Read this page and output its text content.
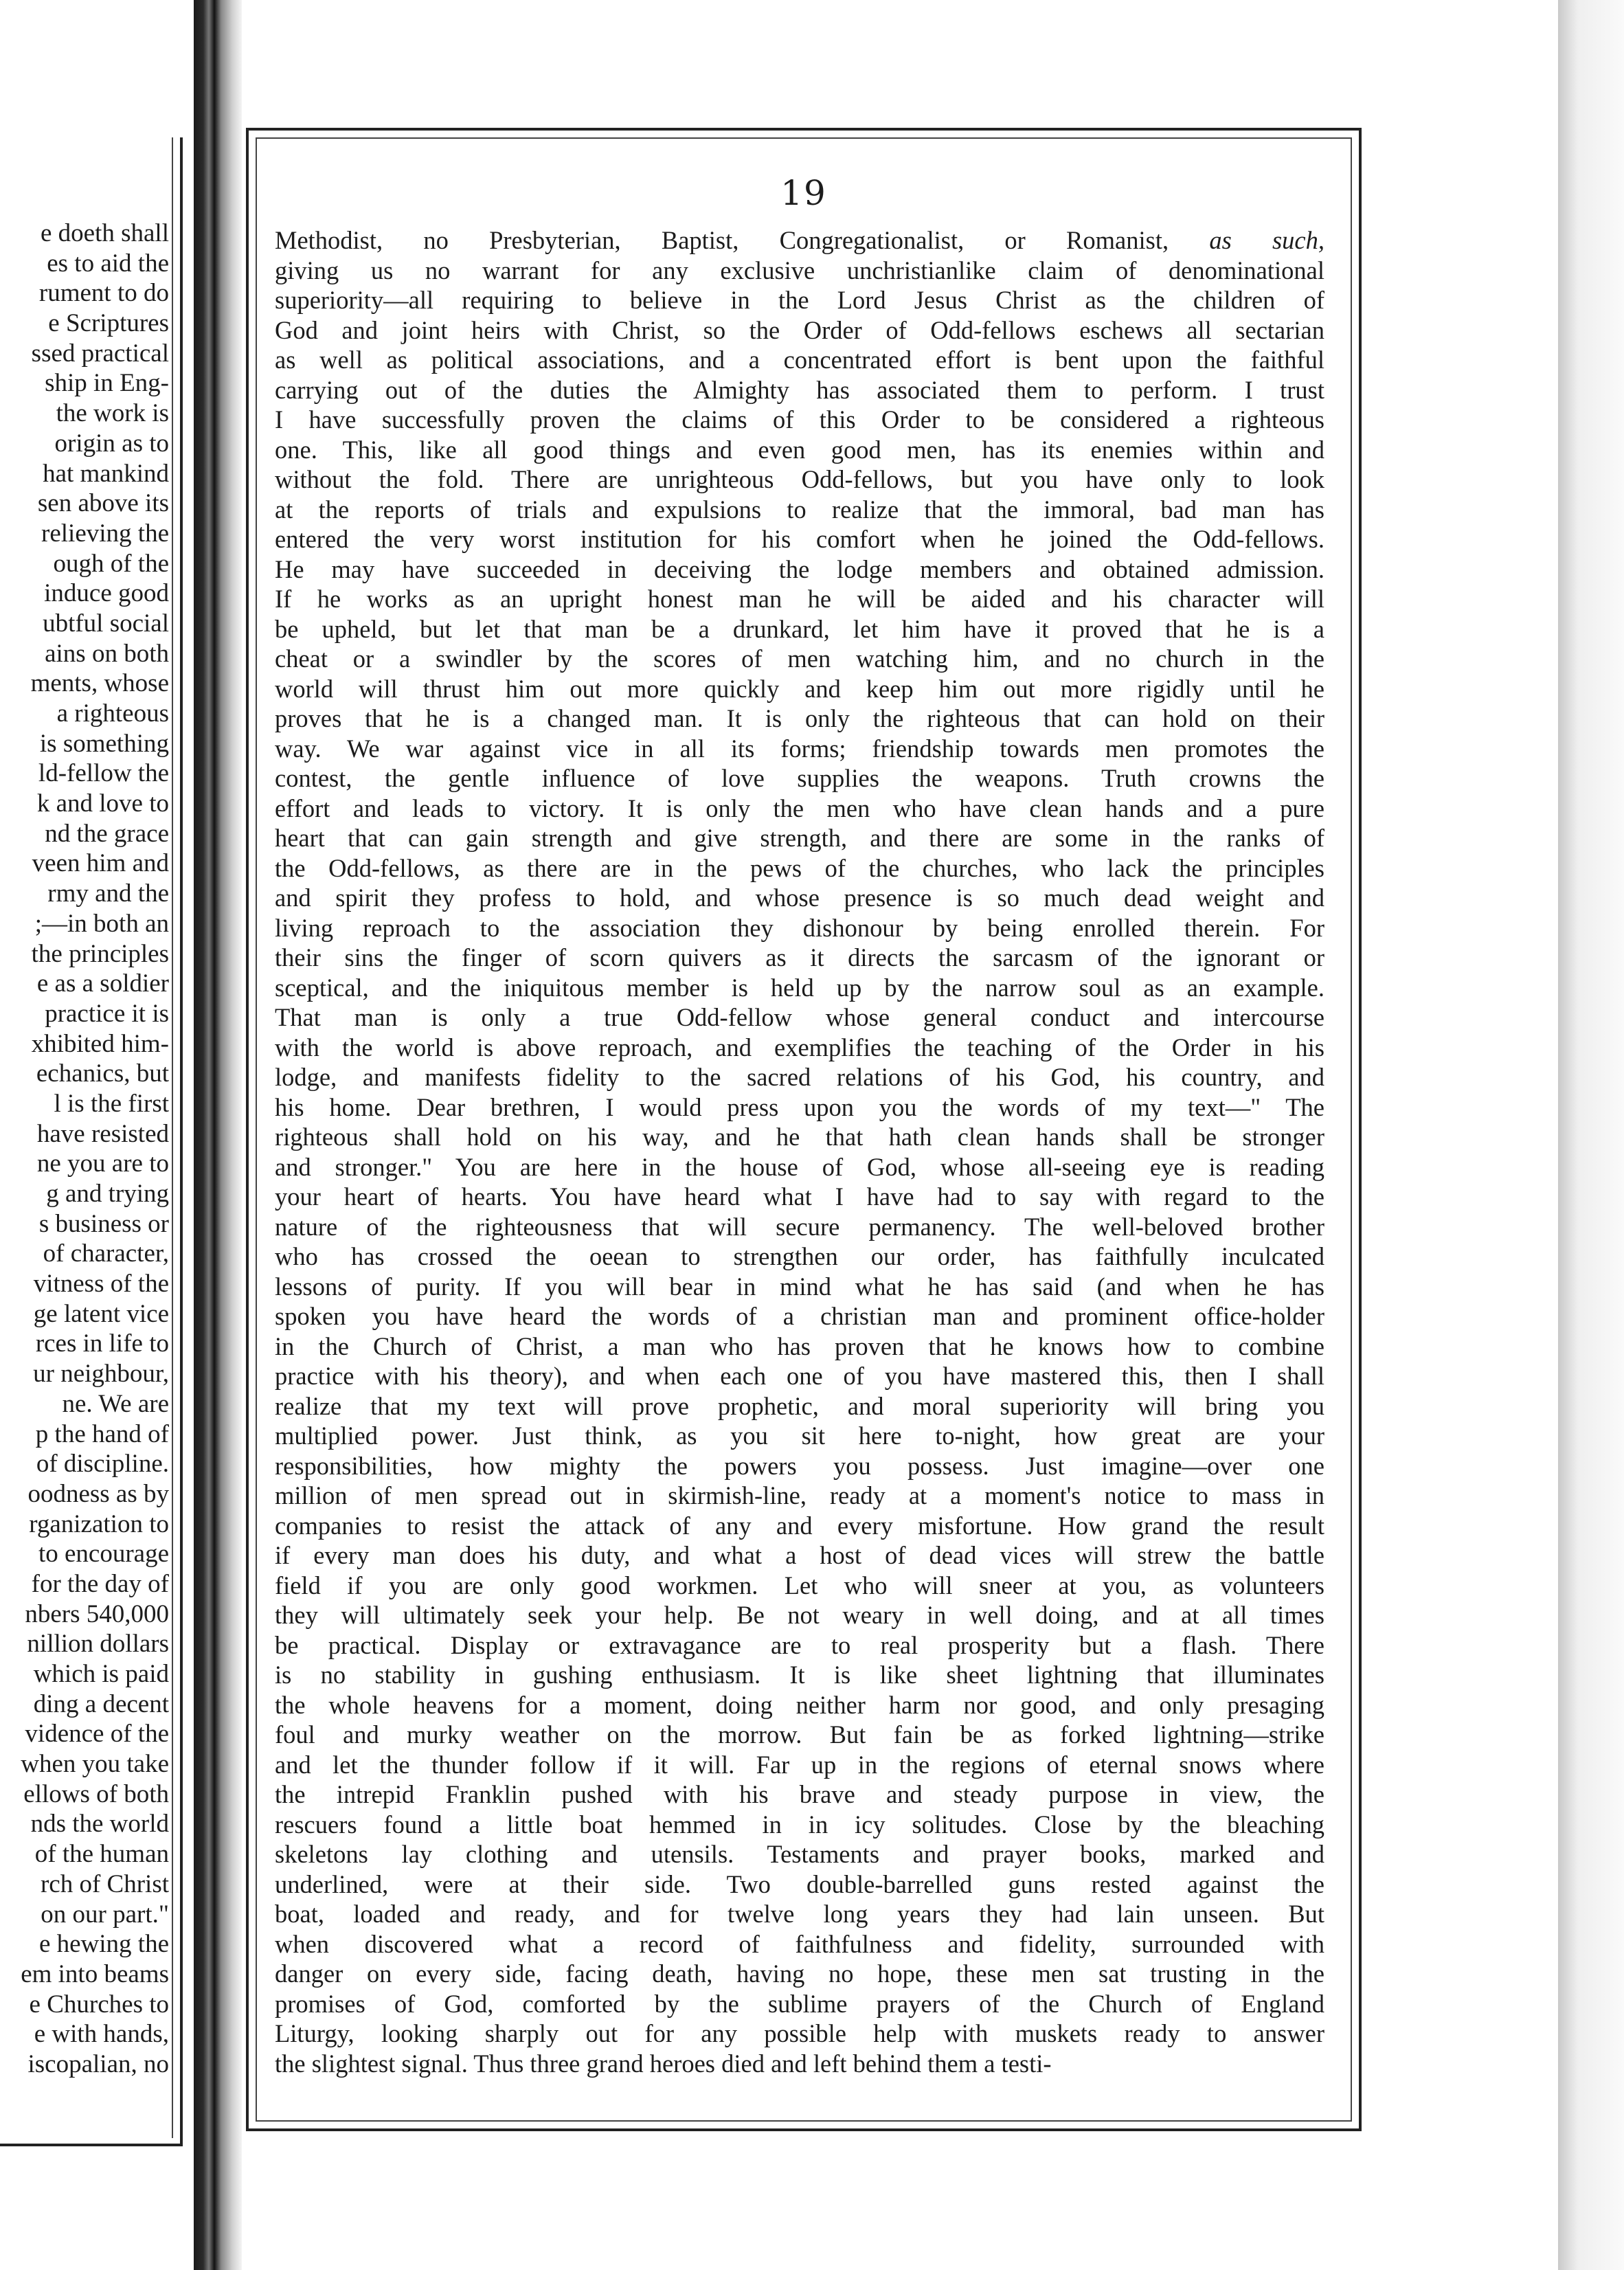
e doeth shall
es to aid the
rument to do
e Scriptures
ssed practical
ship in Eng-
the work is
origin as to
hat mankind
sen above its
relieving the
ough of the
induce good
ubtful social
ains on both
ments, whose
a righteous
is something
ld-fellow the
k and love to
nd the grace
veen him and
rmy and the
;—in both an
the principles
e as a soldier
practice it is
xhibited him-
echanics, but
l is the first
have resisted
ne you are to
g and trying
s business or
of character,
vitness of the
ge latent vice
rces in life to
ur neighbour,
ne. We are
p the hand of
of discipline.
oodness as by
rganization to
to encourage
for the day of
nbers 540,000
nillion dollars
which is paid
ding a decent
vidence of the
when you take
ellows of both
nds the world
of the human
rch of Christ
on our part."
e hewing the
em into beams
e Churches to
e with hands,
iscopalian, no
19
Methodist, no Presbyterian, Baptist, Congregationalist, or Romanist, as such,
giving us no warrant for any exclusive unchristianlike claim of denominational
superiority—all requiring to believe in the Lord Jesus Christ as the children of
God and joint heirs with Christ, so the Order of Odd-fellows eschews all sectarian
as well as political associations, and a concentrated effort is bent upon the faithful
carrying out of the duties the Almighty has associated them to perform. I trust
I have successfully proven the claims of this Order to be considered a righteous
one. This, like all good things and even good men, has its enemies within and
without the fold. There are unrighteous Odd-fellows, but you have only to look
at the reports of trials and expulsions to realize that the immoral, bad man has
entered the very worst institution for his comfort when he joined the Odd-fellows.
He may have succeeded in deceiving the lodge members and obtained admission.
If he works as an upright honest man he will be aided and his character will
be upheld, but let that man be a drunkard, let him have it proved that he is a
cheat or a swindler by the scores of men watching him, and no church in the
world will thrust him out more quickly and keep him out more rigidly until he
proves that he is a changed man. It is only the righteous that can hold on their
way. We war against vice in all its forms; friendship towards men promotes the
contest, the gentle influence of love supplies the weapons. Truth crowns the
effort and leads to victory. It is only the men who have clean hands and a pure
heart that can gain strength and give strength, and there are some in the ranks of
the Odd-fellows, as there are in the pews of the churches, who lack the principles
and spirit they profess to hold, and whose presence is so much dead weight and
living reproach to the association they dishonour by being enrolled therein. For
their sins the finger of scorn quivers as it directs the sarcasm of the ignorant or
sceptical, and the iniquitous member is held up by the narrow soul as an example.
That man is only a true Odd-fellow whose general conduct and intercourse
with the world is above reproach, and exemplifies the teaching of the Order in his
lodge, and manifests fidelity to the sacred relations of his God, his country, and
his home. Dear brethren, I would press upon you the words of my text—" The
righteous shall hold on his way, and he that hath clean hands shall be stronger
and stronger." You are here in the house of God, whose all-seeing eye is reading
your heart of hearts. You have heard what I have had to say with regard to the
nature of the righteousness that will secure permanency. The well-beloved brother
who has crossed the oeean to strengthen our order, has faithfully inculcated
lessons of purity. If you will bear in mind what he has said (and when he has
spoken you have heard the words of a christian man and prominent office-holder
in the Church of Christ, a man who has proven that he knows how to combine
practice with his theory), and when each one of you have mastered this, then I shall
realize that my text will prove prophetic, and moral superiority will bring you
multiplied power. Just think, as you sit here to-night, how great are your
responsibilities, how mighty the powers you possess. Just imagine—over one
million of men spread out in skirmish-line, ready at a moment's notice to mass in
companies to resist the attack of any and every misfortune. How grand the result
if every man does his duty, and what a host of dead vices will strew the battle
field if you are only good workmen. Let who will sneer at you, as volunteers
they will ultimately seek your help. Be not weary in well doing, and at all times
be practical. Display or extravagance are to real prosperity but a flash. There
is no stability in gushing enthusiasm. It is like sheet lightning that illuminates
the whole heavens for a moment, doing neither harm nor good, and only presaging
foul and murky weather on the morrow. But fain be as forked lightning—strike
and let the thunder follow if it will. Far up in the regions of eternal snows where
the intrepid Franklin pushed with his brave and steady purpose in view, the
rescuers found a little boat hemmed in in icy solitudes. Close by the bleaching
skeletons lay clothing and utensils. Testaments and prayer books, marked and
underlined, were at their side. Two double-barrelled guns rested against the
boat, loaded and ready, and for twelve long years they had lain unseen. But
when discovered what a record of faithfulness and fidelity, surrounded with
danger on every side, facing death, having no hope, these men sat trusting in the
promises of God, comforted by the sublime prayers of the Church of England
Liturgy, looking sharply out for any possible help with muskets ready to answer
the slightest signal. Thus three grand heroes died and left behind them a testi-
